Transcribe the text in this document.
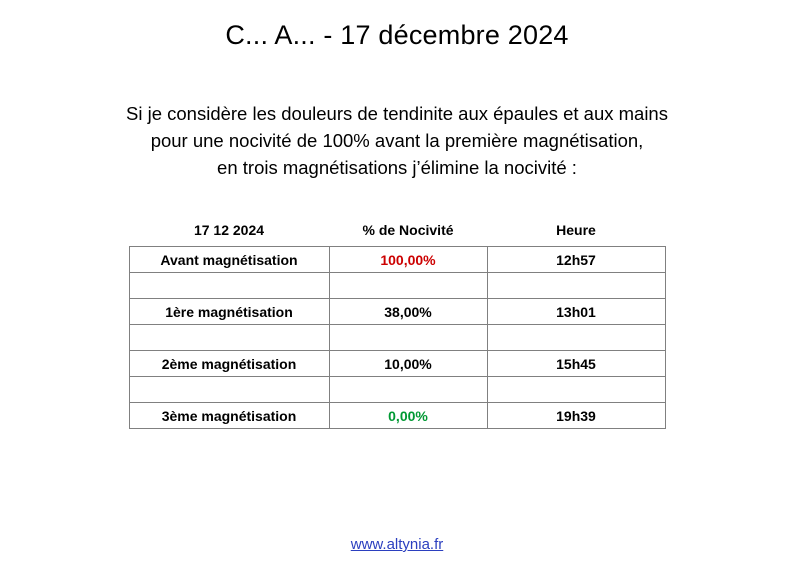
C... A... - 17 décembre 2024
Si je considère les douleurs de tendinite aux épaules et aux mains
pour une nocivité de 100% avant la première magnétisation,
en trois magnétisations j’élimine la nocivité :
17 12 2024	% de Nocivité	Heure
Avant magnétisation	100,00%	12h57

1ère magnétisation	38,00%	13h01

2ème magnétisation	10,00%	15h45

3ème magnétisation	0,00%	19h39
www.altynia.fr
